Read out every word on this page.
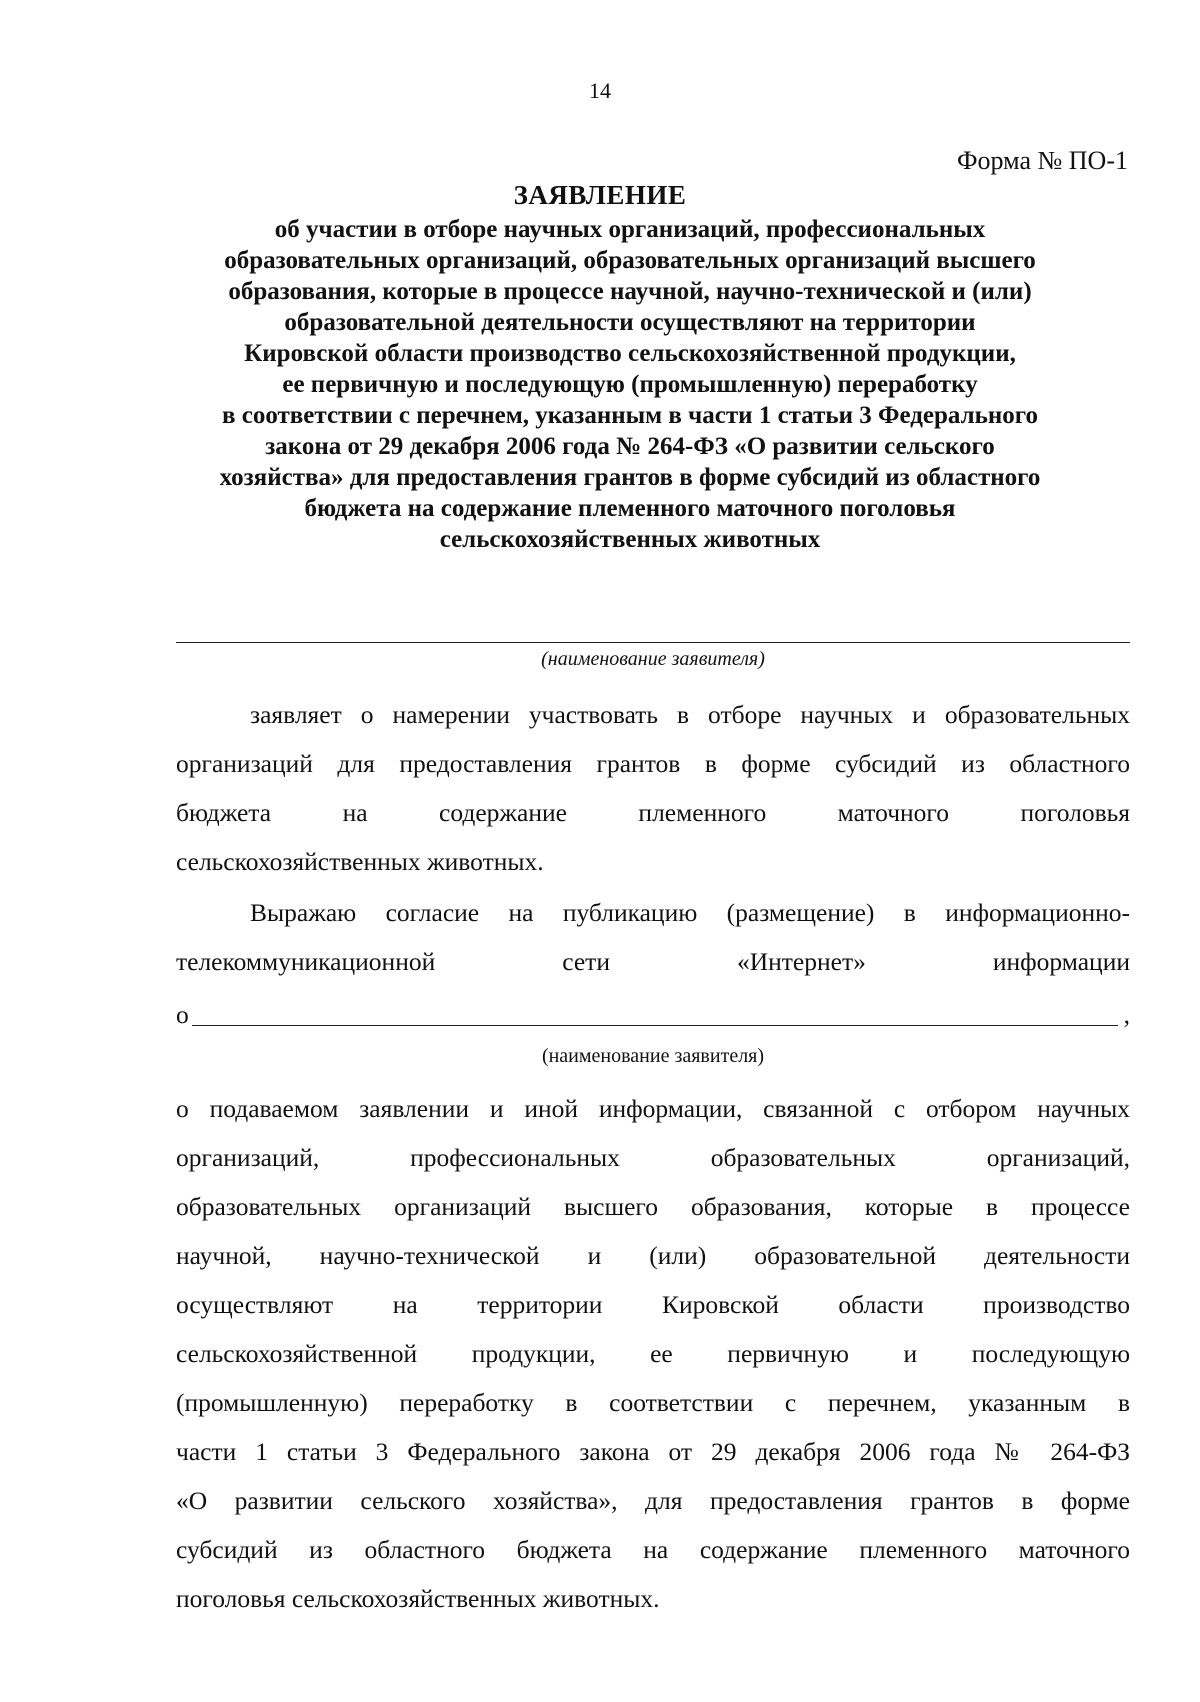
14
Форма № ПО-1
ЗАЯВЛЕНИЕ
об участии в отборе научных организаций, профессиональных
образовательных организаций, образовательных организаций высшего
образования, которые в процессе научной, научно-технической и (или)
образовательной деятельности осуществляют на территории
Кировской области производство сельскохозяйственной продукции,
ее первичную и последующую (промышленную) переработку
в соответствии с перечнем, указанным в части 1 статьи 3 Федерального
закона от 29 декабря 2006 года № 264-ФЗ «О развитии сельского
хозяйства» для предоставления грантов в форме субсидий из областного
бюджета на содержание племенного маточного поголовья
сельскохозяйственных животных
(наименование заявителя)
заявляет о намерении участвовать в отборе научных и образовательных
организаций для предоставления грантов в форме субсидий из областного
бюджета на содержание племенного маточного поголовья
сельскохозяйственных животных.
Выражаю согласие на публикацию (размещение) в информационно-
телекоммуникационной сети «Интернет» информации
о	,
(наименование заявителя)
о подаваемом заявлении и иной информации, связанной с отбором научных
организаций, профессиональных образовательных организаций,
образовательных организаций высшего образования, которые в процессе
научной, научно-технической и (или) образовательной деятельности
осуществляют на территории Кировской области производство
сельскохозяйственной продукции, ее первичную и последующую
(промышленную) переработку в соответствии с перечнем, указанным в
части 1 статьи 3 Федерального закона от 29 декабря 2006 года № 264-ФЗ
«О развитии сельского хозяйства», для предоставления грантов в форме
субсидий из областного бюджета на содержание племенного маточного
поголовья сельскохозяйственных животных.
